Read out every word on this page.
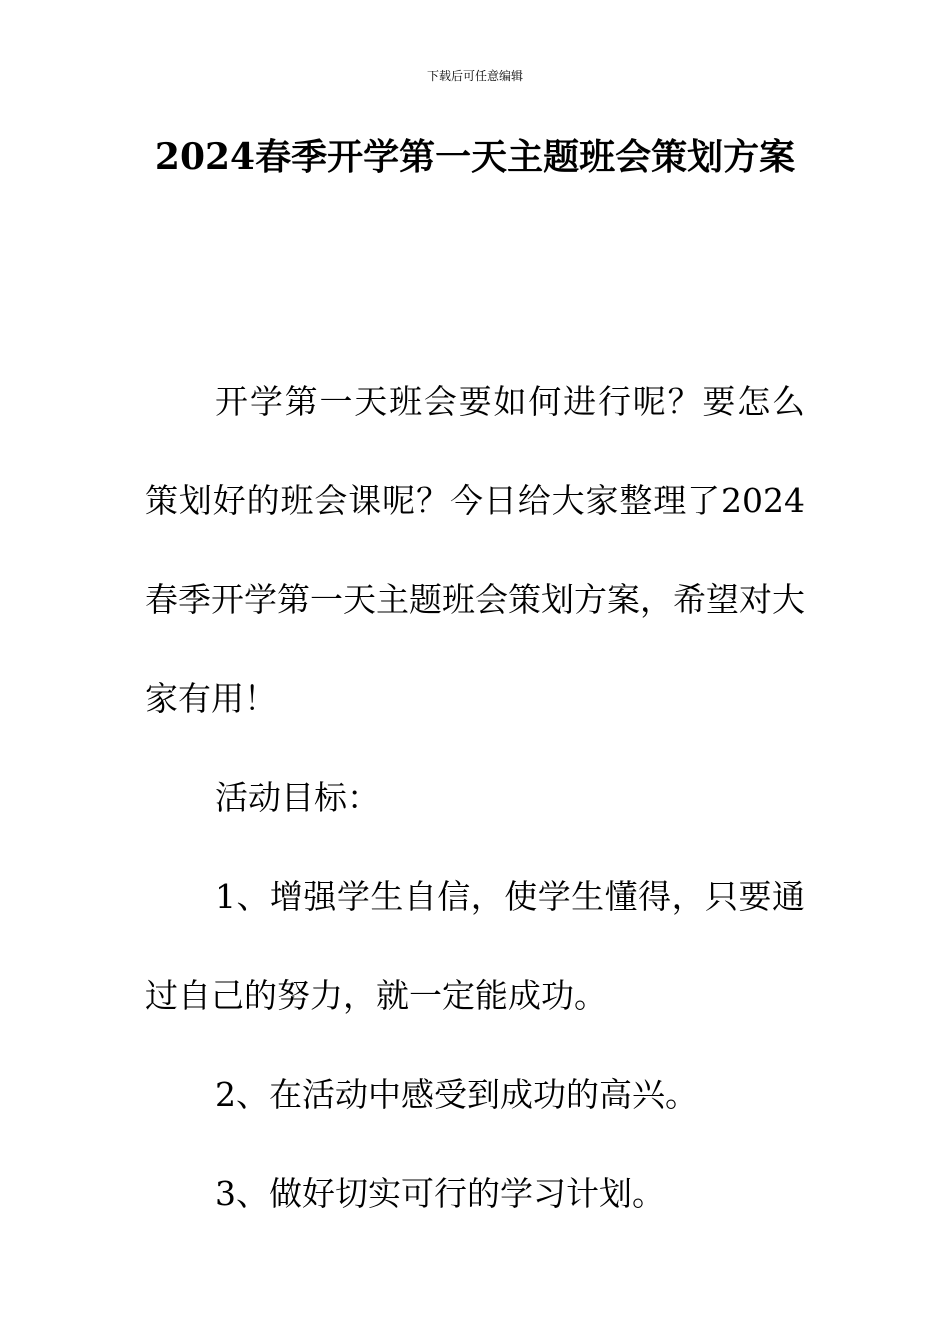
下载后可任意编辑
2024春季开学第一天主题班会策划方案

开学第一天班会要如何进行呢？要怎么策划好的班会课呢？今日给大家整理了2024春季开学第一天主题班会策划方案，希望对大家有用！

活动目标：

1、增强学生自信，使学生懂得，只要通过自己的努力，就一定能成功。

2、在活动中感受到成功的高兴。

3、做好切实可行的学习计划。
